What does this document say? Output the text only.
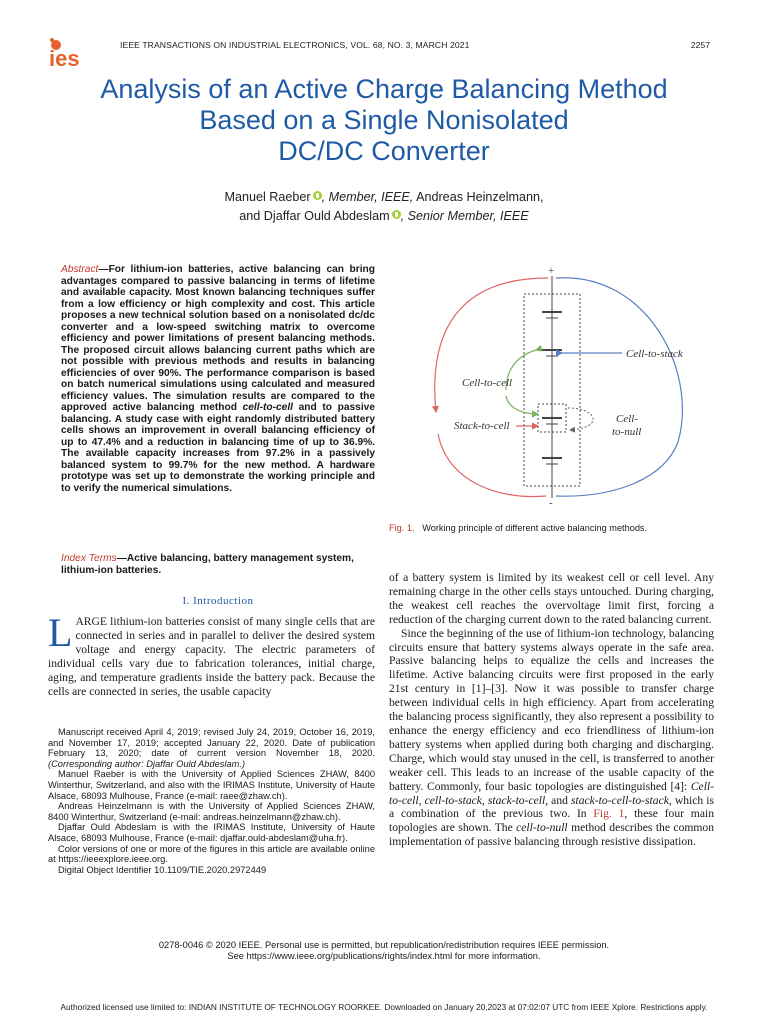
ies
IEEE TRANSACTIONS ON INDUSTRIAL ELECTRONICS, VOL. 68, NO. 3, MARCH 2021	2257
Analysis of an Active Charge Balancing Method
Based on a Single Nonisolated
DC/DC Converter
Manuel Raeber , Member, IEEE, Andreas Heinzelmann,
and Djaffar Ould Abdeslam , Senior Member, IEEE
Abstract—For lithium-ion batteries, active balancing can bring advantages compared to passive balancing in terms of lifetime and available capacity. Most known balancing techniques suffer from a low efficiency or high complexity and cost. This article proposes a new technical solution based on a nonisolated dc/dc converter and a low-speed switching matrix to overcome efficiency and power limitations of present balancing methods. The proposed circuit allows balancing current paths which are not possible with previous methods and results in balancing efficiencies of over 90%. The performance comparison is based on batch numerical simulations using calculated and measured efficiency values. The simulation results are compared to the approved active balancing method cell-to-cell and to passive balancing. A study case with eight randomly distributed battery cells shows an improvement in overall balancing efficiency of up to 47.4% and a reduction in balancing time of up to 36.9%. The available capacity increases from 97.2% in a passively balanced system to 99.7% for the new method. A hardware prototype was set up to demonstrate the working principle and to verify the numerical simulations.
Index Terms—Active balancing, battery management system, lithium-ion batteries.
I. Introduction
LARGE lithium-ion batteries consist of many single cells that are connected in series and in parallel to deliver the desired system voltage and energy capacity. The electric parameters of individual cells vary due to fabrication tolerances, initial charge, aging, and temperature gradients inside the battery pack. Because the cells are connected in series, the usable capacity

Manuscript received April 4, 2019; revised July 24, 2019, October 16, 2019, and November 17, 2019; accepted January 22, 2020. Date of publication February 13, 2020; date of current version November 18, 2020. (Corresponding author: Djaffar Ould Abdeslam.)

Manuel Raeber is with the University of Applied Sciences ZHAW, 8400 Winterthur, Switzerland, and also with the IRIMAS Institute, University of Haute Alsace, 68093 Mulhouse, France (e-mail: raee@zhaw.ch).

Andreas Heinzelmann is with the University of Applied Sciences ZHAW, 8400 Winterthur, Switzerland (e-mail: andreas.heinzelmann@zhaw.ch).

Djaffar Ould Abdeslam is with the IRIMAS Institute, University of Haute Alsace, 68093 Mulhouse, France (e-mail: djaffar.ould-abdeslam@uha.fr).

Color versions of one or more of the figures in this article are available online at https://ieeexplore.ieee.org.

Digital Object Identifier 10.1109/TIE.2020.2972449

+
-
Cell-to-stack
Cell-to-cell
Stack-to-cell
Cell-
to-null
Fig. 1. Working principle of different active balancing methods.

of a battery system is limited by its weakest cell or cell level. Any remaining charge in the other cells stays untouched. During charging, the weakest cell reaches the overvoltage limit first, forcing a reduction of the charging current down to the rated balancing current.

Since the beginning of the use of lithium-ion technology, balancing circuits ensure that battery systems always operate in the safe area. Passive balancing helps to equalize the cells and increases the lifetime. Active balancing circuits were first proposed in the early 21st century in [1]–[3]. Now it was possible to transfer charge between individual cells in high efficiency. Apart from accelerating the balancing process significantly, they also represent a possibility to enhance the energy efficiency and eco friendliness of lithium-ion battery systems when applied during both charging and discharging. Charge, which would stay unused in the cell, is transferred to another weaker cell. This leads to an increase of the usable capacity of the battery. Commonly, four basic topologies are distinguished [4]: Cell-to-cell, cell-to-stack, stack-to-cell, and stack-to-cell-to-stack, which is a combination of the previous two. In Fig. 1, these four main topologies are shown. The cell-to-null method describes the common implementation of passive balancing through resistive dissipation.

0278-0046 © 2020 IEEE. Personal use is permitted, but republication/redistribution requires IEEE permission.
See https://www.ieee.org/publications/rights/index.html for more information.
Authorized licensed use limited to: INDIAN INSTITUTE OF TECHNOLOGY ROORKEE. Downloaded on January 20,2023 at 07:02:07 UTC from IEEE Xplore. Restrictions apply.
